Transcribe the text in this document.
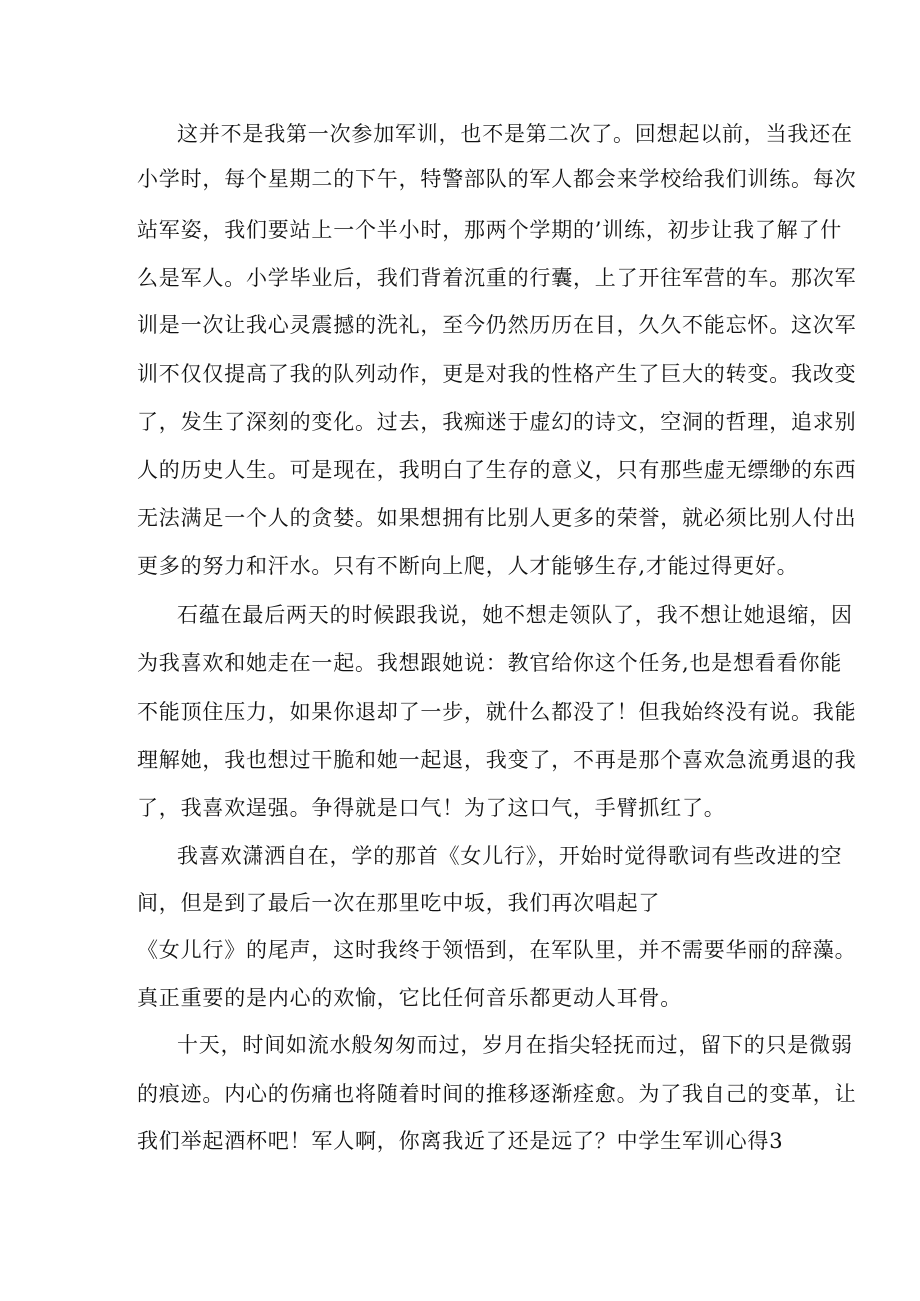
这并不是我第一次参加军训，也不是第二次了。回想起以前，当我还在
小学时，每个星期二的下午，特警部队的军人都会来学校给我们训练。每次
站军姿，我们要站上一个半小时，那两个学期的’训练，初步让我了解了什
么是军人。小学毕业后，我们背着沉重的行囊，上了开往军营的车。那次军
训是一次让我心灵震撼的洗礼，至今仍然历历在目，久久不能忘怀。这次军
训不仅仅提高了我的队列动作，更是对我的性格产生了巨大的转变。我改变
了，发生了深刻的变化。过去，我痴迷于虚幻的诗文，空洞的哲理，追求别
人的历史人生。可是现在，我明白了生存的意义，只有那些虚无缥缈的东西
无法满足一个人的贪婪。如果想拥有比别人更多的荣誉，就必须比别人付出
更多的努力和汗水。只有不断向上爬，人才能够生存,才能过得更好。
石蕴在最后两天的时候跟我说，她不想走领队了，我不想让她退缩，因
为我喜欢和她走在一起。我想跟她说：教官给你这个任务,也是想看看你能
不能顶住压力，如果你退却了一步，就什么都没了！但我始终没有说。我能
理解她，我也想过干脆和她一起退，我变了，不再是那个喜欢急流勇退的我
了，我喜欢逞强。争得就是口气！为了这口气，手臂抓红了。
我喜欢潇洒自在，学的那首《女儿行》，开始时觉得歌词有些改进的空
间，但是到了最后一次在那里吃中坂，我们再次唱起了
《女儿行》的尾声，这时我终于领悟到，在军队里，并不需要华丽的辞藻。
真正重要的是内心的欢愉，它比任何音乐都更动人耳骨。
十天，时间如流水般匆匆而过，岁月在指尖轻抚而过，留下的只是微弱
的痕迹。内心的伤痛也将随着时间的推移逐渐痊愈。为了我自己的变革，让
我们举起酒杯吧！军人啊，你离我近了还是远了？中学生军训心得3
